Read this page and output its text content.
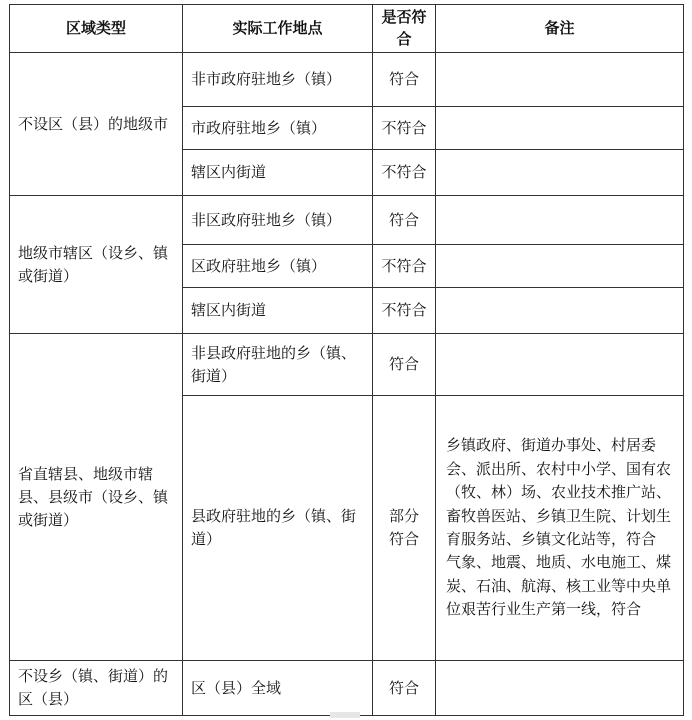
区域类型	实际工作地点	是否符合	备注
不设区（县）的地级市	非市政府驻地乡（镇）	符合	
	市政府驻地乡（镇）	不符合	
	辖区内街道	不符合	
地级市辖区（设乡、镇或街道）	非区政府驻地乡（镇）	符合	
	区政府驻地乡（镇）	不符合	
	辖区内街道	不符合	
省直辖县、地级市辖县、县级市（设乡、镇或街道）	非县政府驻地的乡（镇、街道）	符合	
	县政府驻地的乡（镇、街道）	部分符合	乡镇政府、街道办事处、村居委会、派出所、农村中小学、国有农（牧、林）场、农业技术推广站、畜牧兽医站、乡镇卫生院、计划生育服务站、乡镇文化站等，符合
气象、地震、地质、水电施工、煤炭、石油、航海、核工业等中央单位艰苦行业生产第一线，符合

不设乡（镇、街道）的区（县）	区（县）全域	符合	
